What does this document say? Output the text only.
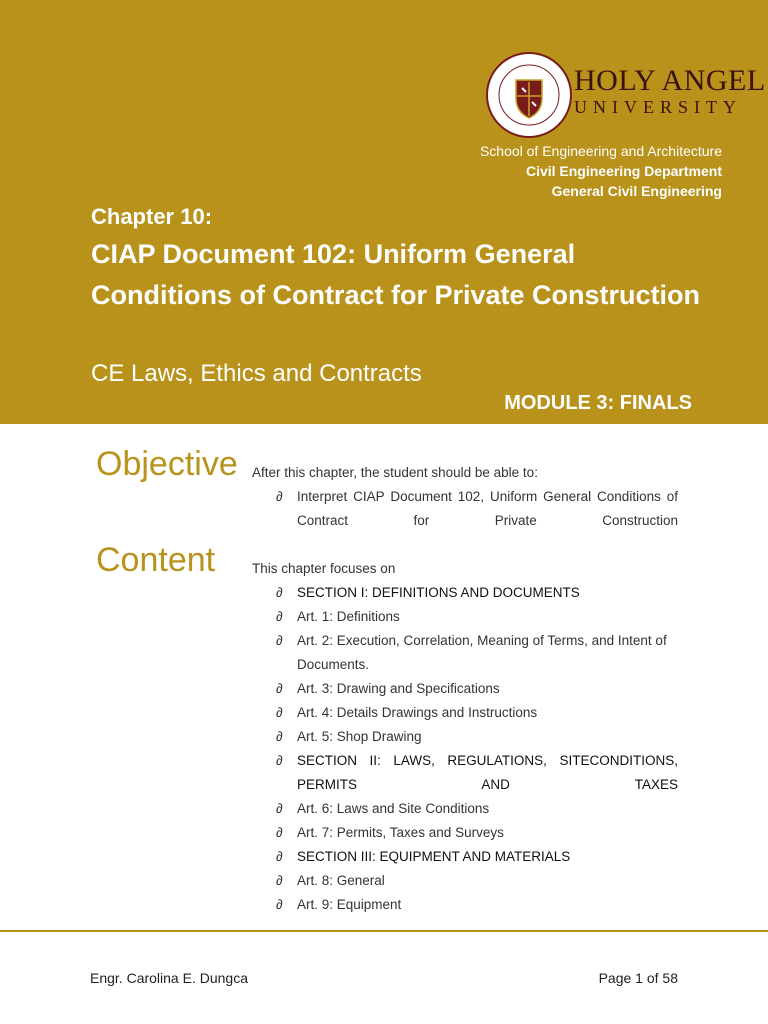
HOLY ANGEL
UNIVERSITY
School of Engineering and Architecture
Civil Engineering Department
General Civil Engineering
Chapter 10:
CIAP Document 102: Uniform General Conditions of Contract for Private Construction
CE Laws, Ethics and Contracts
MODULE 3: FINALS
Objective After this chapter, the student should be able to:
∂ Interpret CIAP Document 102, Uniform General Conditions of Contract for Private Construction
Content	This chapter focuses on
∂ SECTION I: DEFINITIONS AND DOCUMENTS
∂ Art. 1: Definitions
∂ Art. 2: Execution, Correlation, Meaning of Terms, and Intent of Documents.
∂ Art. 3: Drawing and Specifications
∂ Art. 4: Details Drawings and Instructions
∂ Art. 5: Shop Drawing
∂ SECTION II: LAWS, REGULATIONS, SITECONDITIONS, PERMITS AND TAXES
∂ Art. 6: Laws and Site Conditions
∂ Art. 7: Permits, Taxes and Surveys
∂ SECTION III: EQUIPMENT AND MATERIALS
∂ Art. 8: General
∂ Art. 9: Equipment
Engr. Carolina E. Dungca	Page 1 of 58
